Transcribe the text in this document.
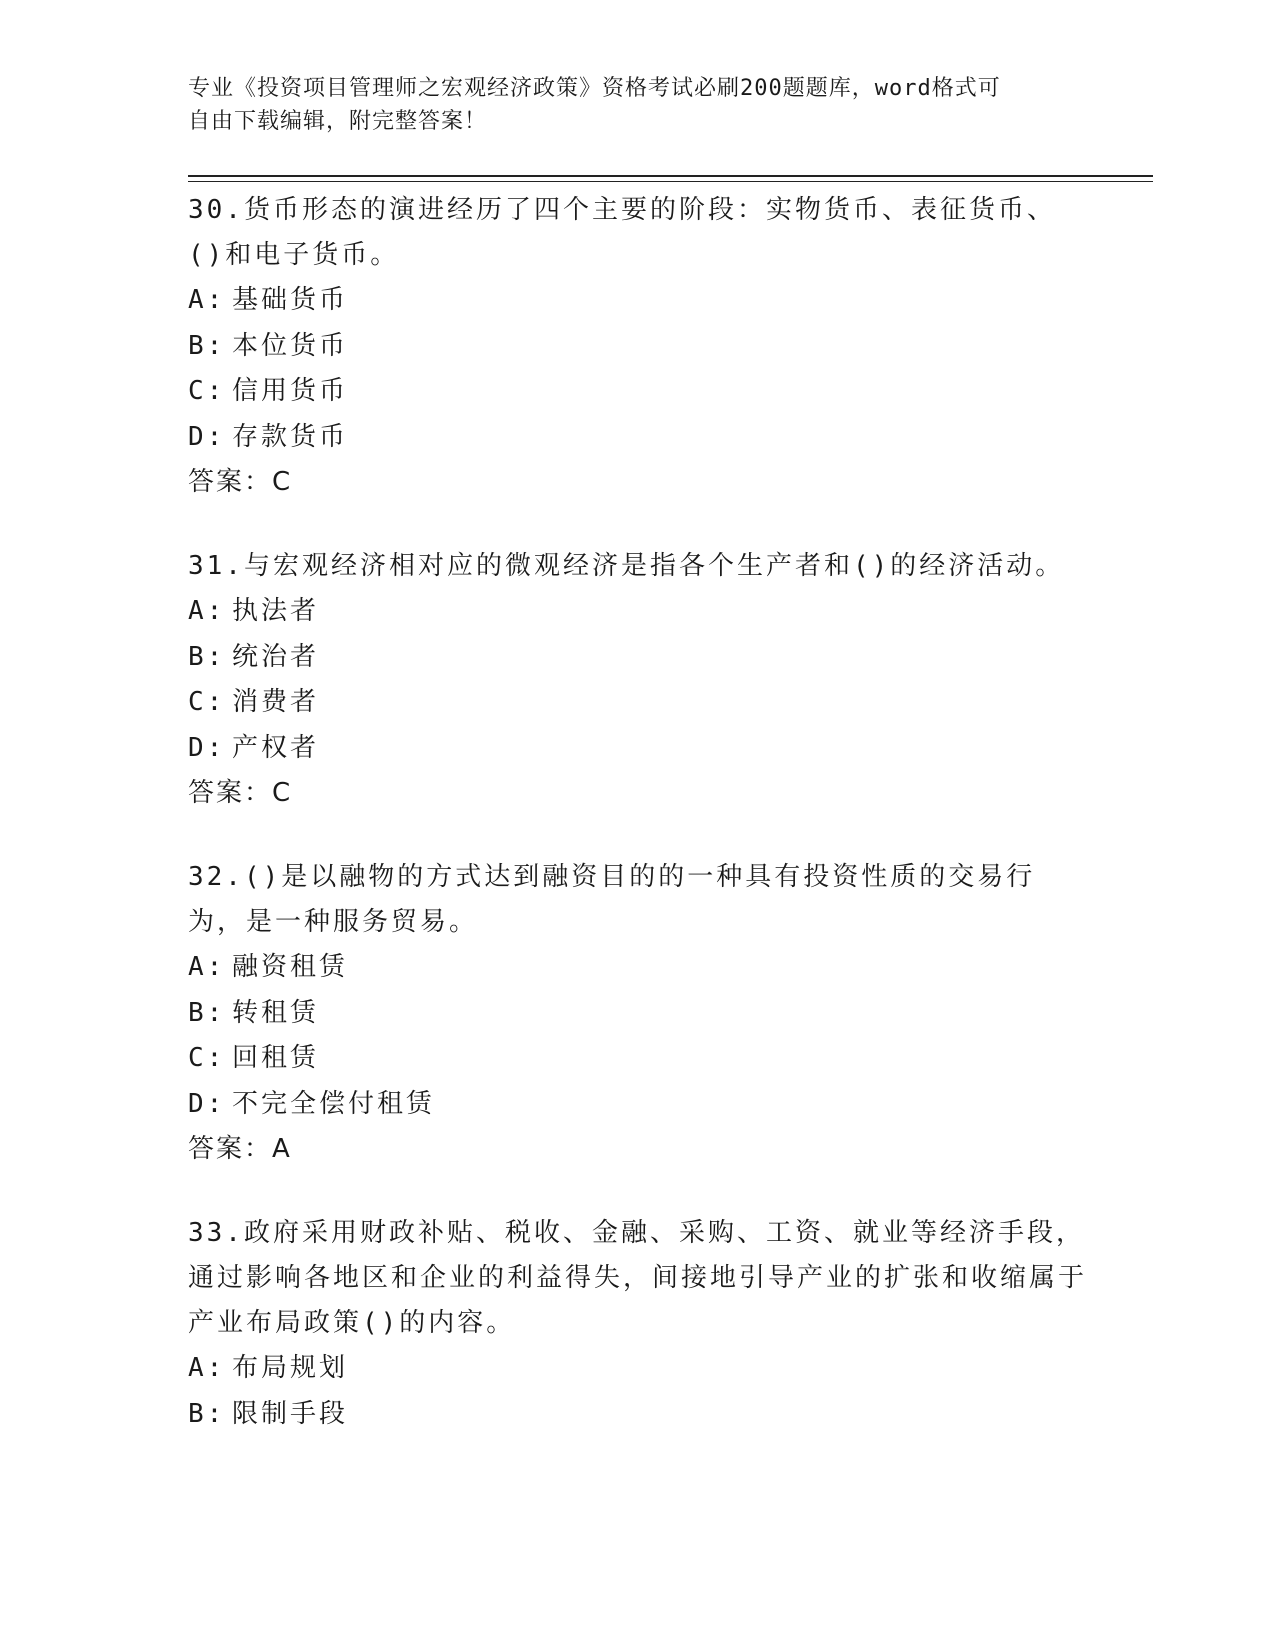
专业《投资项目管理师之宏观经济政策》资格考试必刷200题题库，word格式可
自由下载编辑，附完整答案！

30.货币形态的演进经历了四个主要的阶段：实物货币、表征货币、()和电子货币。

A: 基础货币

B: 本位货币

C: 信用货币

D: 存款货币

答案：C

31.与宏观经济相对应的微观经济是指各个生产者和()的经济活动。

A: 执法者

B: 统治者

C: 消费者

D: 产权者

答案：C

32.()是以融物的方式达到融资目的的一种具有投资性质的交易行为，是一种服务贸易。

A: 融资租赁

B: 转租赁

C: 回租赁

D: 不完全偿付租赁

答案：A

33.政府采用财政补贴、税收、金融、采购、工资、就业等经济手段，通过影响各地区和企业的利益得失，间接地引导产业的扩张和收缩属于产业布局政策()的内容。

A: 布局规划

B: 限制手段
